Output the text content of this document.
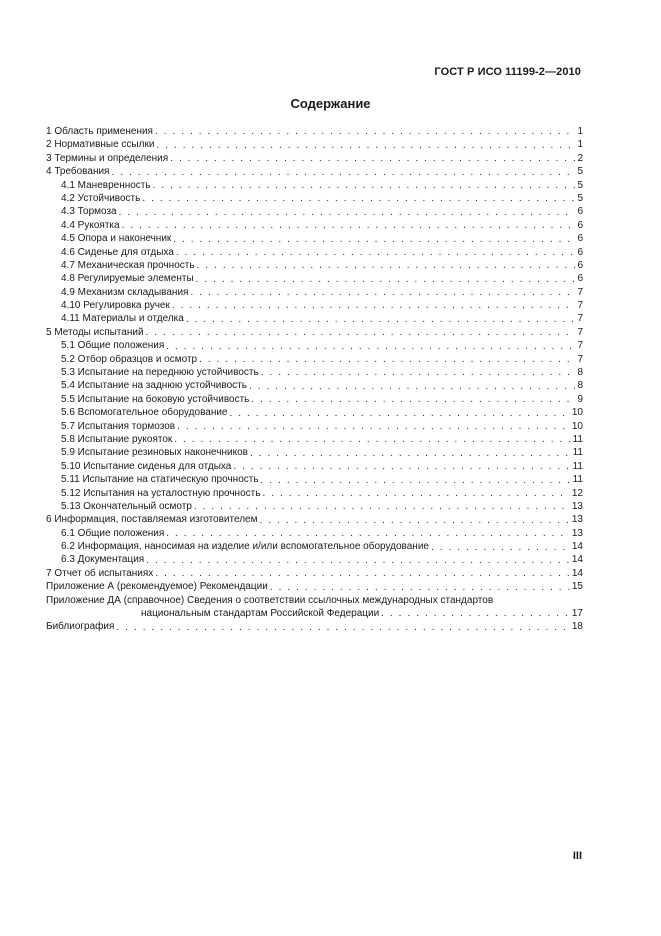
ГОСТ Р ИСО 11199-2—2010
Содержание
1 Область применения . . .	1
2 Нормативные ссылки . . .	1
3 Термины и определения . . .	2
4 Требования . . .	5
4.1 Маневренность . . .	5
4.2 Устойчивость . . .	5
4.3 Тормоза . . .	6
4.4 Рукоятка . . .	6
4.5 Опора и наконечник . . .	6
4.6 Сиденье для отдыха . . .	6
4.7 Механическая прочность . . .	6
4.8 Регулируемые элементы . . .	6
4.9 Механизм складывания . . .	7
4.10 Регулировка ручек . . .	7
4.11 Материалы и отделка . . .	7
5 Методы испытаний . . .	7
5.1 Общие положения . . .	7
5.2 Отбор образцов и осмотр . . .	7
5.3 Испытание на переднюю устойчивость . . .	8
5.4 Испытание на заднюю устойчивость . . .	8
5.5 Испытание на боковую устойчивость . . .	9
5.6 Вспомогательное оборудование . . .	10
5.7 Испытания тормозов . . .	10
5.8 Испытание рукояток . . .	11
5.9 Испытание резиновых наконечников . . .	11
5.10 Испытание сиденья для отдыха . . .	11
5.11 Испытание на статическую прочность . . .	11
5.12 Испытания на усталостную прочность . . .	12
5.13 Окончательный осмотр . . .	13
6 Информация, поставляемая изготовителем . . .	13
6.1 Общие положения . . .	13
6.2 Информация, наносимая на изделие и/или вспомогательное оборудование . . .	14
6.3 Документация . . .	14
7 Отчет об испытаниях . . .	14
Приложение А (рекомендуемое) Рекомендации . . .	15
Приложение ДА (справочное) Сведения о соответствии ссылочных международных стандартов
национальным стандартам Российской Федерации . . .	17
Библиография . . .	18
III
